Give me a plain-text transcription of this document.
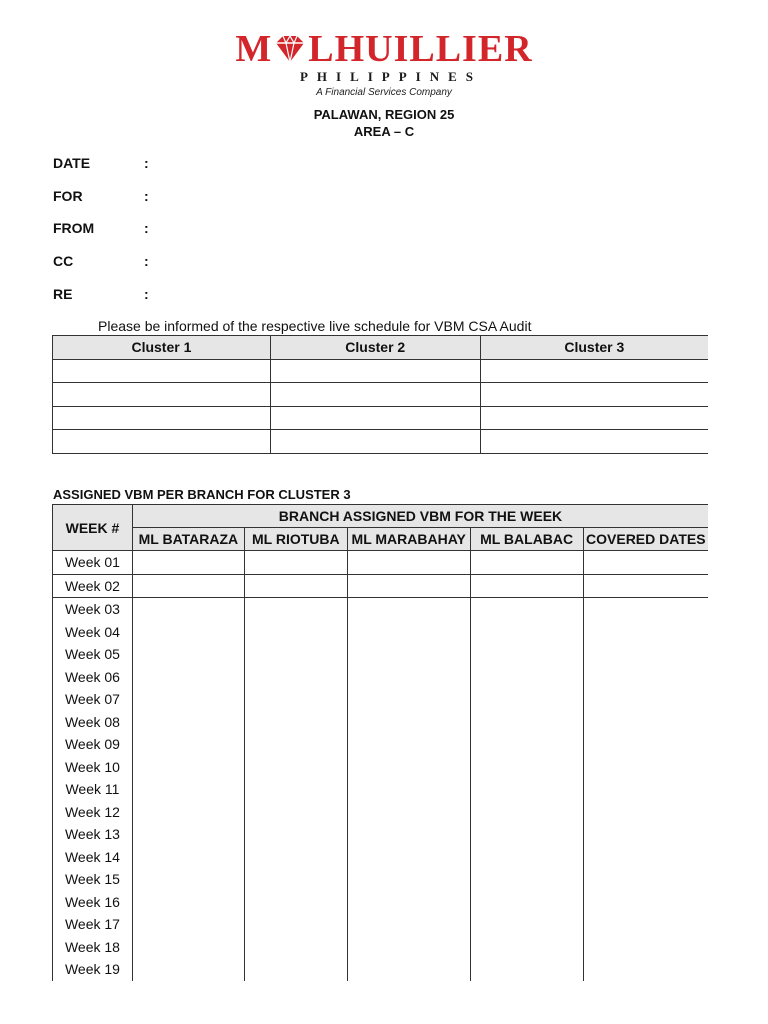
M LHUILLIER
PHILIPPINES
A Financial Services Company
PALAWAN, REGION 25
AREA – C
DATE	:
FOR	:
FROM	:
CC	:
RE	:
Please be informed of the respective live schedule for VBM CSA Audit
Cluster 1	Cluster 2	Cluster 3

ASSIGNED VBM PER BRANCH FOR CLUSTER 3
WEEK #	BRANCH ASSIGNED VBM FOR THE WEEK				
	ML BATARAZA	ML RIOTUBA	ML MARABAHAY	ML BALABAC	COVERED DATES
Week 01					
Week 02					
Week 03					
Week 04					
Week 05					
Week 06					
Week 07					
Week 08					
Week 09					
Week 10					
Week 11					
Week 12					
Week 13					
Week 14					
Week 15					
Week 16					
Week 17					
Week 18					
Week 19					
